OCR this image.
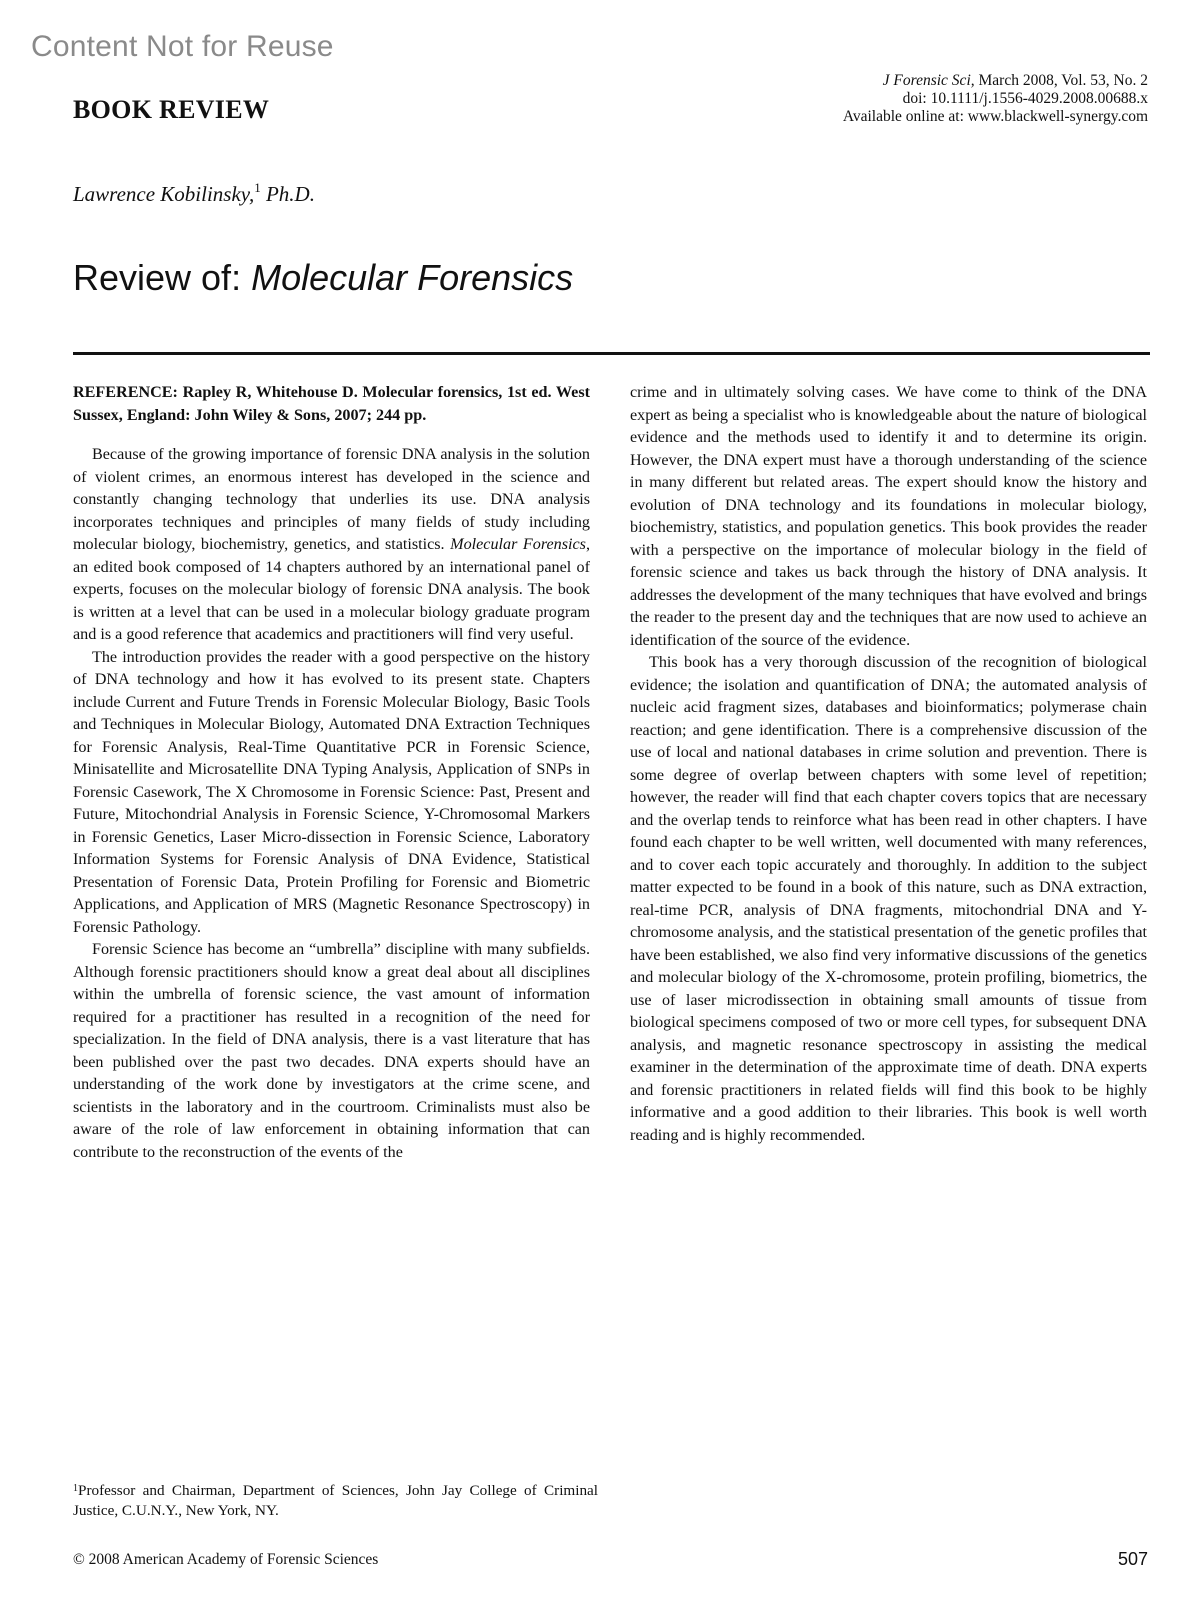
Content Not for Reuse
J Forensic Sci, March 2008, Vol. 53, No. 2
doi: 10.1111/j.1556-4029.2008.00688.x
Available online at: www.blackwell-synergy.com
BOOK REVIEW
Lawrence Kobilinsky,$^1$ Ph.D.
Review of: Molecular Forensics

REFERENCE: Rapley R, Whitehouse D. Molecular forensics, 1st ed. West Sussex, England: John Wiley & Sons, 2007; 244 pp.

Because of the growing importance of forensic DNA analysis in the solution of violent crimes, an enormous interest has developed in the science and constantly changing technology that underlies its use. DNA analysis incorporates techniques and principles of many fields of study including molecular biology, biochemistry, genetics, and statistics. Molecular Forensics, an edited book composed of 14 chapters authored by an international panel of experts, focuses on the molecular biology of forensic DNA analysis. The book is written at a level that can be used in a molecular biology graduate program and is a good reference that academics and practitioners will find very useful.

The introduction provides the reader with a good perspective on the history of DNA technology and how it has evolved to its present state. Chapters include Current and Future Trends in Forensic Molecular Biology, Basic Tools and Techniques in Molecular Biology, Automated DNA Extraction Techniques for Forensic Analysis, Real-Time Quantitative PCR in Forensic Science, Minisatellite and Microsatellite DNA Typing Analysis, Application of SNPs in Forensic Casework, The X Chromosome in Forensic Science: Past, Present and Future, Mitochondrial Analysis in Forensic Science, Y-Chromosomal Markers in Forensic Genetics, Laser Micro-dissection in Forensic Science, Laboratory Information Systems for Forensic Analysis of DNA Evidence, Statistical Presentation of Forensic Data, Protein Profiling for Forensic and Biometric Applications, and Application of MRS (Magnetic Resonance Spectroscopy) in Forensic Pathology.

Forensic Science has become an “umbrella” discipline with many subfields. Although forensic practitioners should know a great deal about all disciplines within the umbrella of forensic science, the vast amount of information required for a practitioner has resulted in a recognition of the need for specialization. In the field of DNA analysis, there is a vast literature that has been published over the past two decades. DNA experts should have an understanding of the work done by investigators at the crime scene, and scientists in the laboratory and in the courtroom. Criminalists must also be aware of the role of law enforcement in obtaining information that can contribute to the reconstruction of the events of the

crime and in ultimately solving cases. We have come to think of the DNA expert as being a specialist who is knowledgeable about the nature of biological evidence and the methods used to identify it and to determine its origin. However, the DNA expert must have a thorough understanding of the science in many different but related areas. The expert should know the history and evolution of DNA technology and its foundations in molecular biology, biochemistry, statistics, and population genetics. This book provides the reader with a perspective on the importance of molecular biology in the field of forensic science and takes us back through the history of DNA analysis. It addresses the development of the many techniques that have evolved and brings the reader to the present day and the techniques that are now used to achieve an identification of the source of the evidence.

This book has a very thorough discussion of the recognition of biological evidence; the isolation and quantification of DNA; the automated analysis of nucleic acid fragment sizes, databases and bioinformatics; polymerase chain reaction; and gene identification. There is a comprehensive discussion of the use of local and national databases in crime solution and prevention. There is some degree of overlap between chapters with some level of repetition; however, the reader will find that each chapter covers topics that are necessary and the overlap tends to reinforce what has been read in other chapters. I have found each chapter to be well written, well documented with many references, and to cover each topic accurately and thoroughly. In addition to the subject matter expected to be found in a book of this nature, such as DNA extraction, real-time PCR, analysis of DNA fragments, mitochondrial DNA and Y-chromosome analysis, and the statistical presentation of the genetic profiles that have been established, we also find very informative discussions of the genetics and molecular biology of the X-chromosome, protein profiling, biometrics, the use of laser microdissection in obtaining small amounts of tissue from biological specimens composed of two or more cell types, for subsequent DNA analysis, and magnetic resonance spectroscopy in assisting the medical examiner in the determination of the approximate time of death. DNA experts and forensic practitioners in related fields will find this book to be highly informative and a good addition to their libraries. This book is well worth reading and is highly recommended.

$^1$Professor and Chairman, Department of Sciences, John Jay College of Criminal Justice, C.U.N.Y., New York, NY.
© 2008 American Academy of Forensic Sciences	507
